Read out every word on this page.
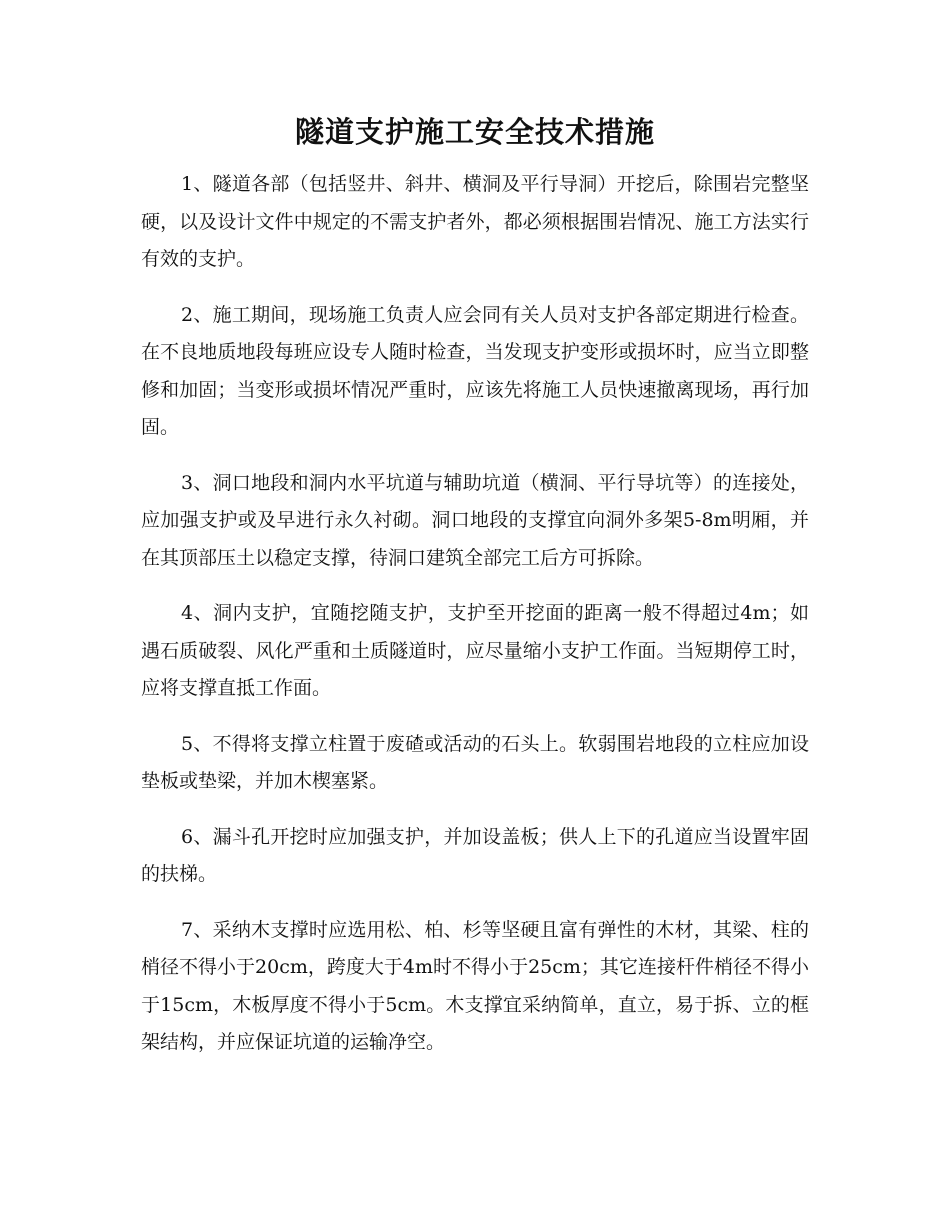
隧道支护施工安全技术措施

1、隧道各部（包括竖井、斜井、横洞及平行导洞）开挖后，除围岩完整坚硬，以及设计文件中规定的不需支护者外，都必须根据围岩情况、施工方法实行有效的支护。

2、施工期间，现场施工负责人应会同有关人员对支护各部定期进行检查。在不良地质地段每班应设专人随时检查，当发现支护变形或损坏时，应当立即整修和加固；当变形或损坏情况严重时，应该先将施工人员快速撤离现场，再行加固。

3、洞口地段和洞内水平坑道与辅助坑道（横洞、平行导坑等）的连接处，应加强支护或及早进行永久衬砌。洞口地段的支撑宜向洞外多架5-8m明厢，并在其顶部压土以稳定支撑，待洞口建筑全部完工后方可拆除。

4、洞内支护，宜随挖随支护，支护至开挖面的距离一般不得超过4m；如遇石质破裂、风化严重和土质隧道时，应尽量缩小支护工作面。当短期停工时，应将支撑直抵工作面。

5、不得将支撑立柱置于废碴或活动的石头上。软弱围岩地段的立柱应加设垫板或垫梁，并加木楔塞紧。

6、漏斗孔开挖时应加强支护，并加设盖板；供人上下的孔道应当设置牢固的扶梯。

7、采纳木支撑时应选用松、柏、杉等坚硬且富有弹性的木材，其梁、柱的梢径不得小于20cm，跨度大于4m时不得小于25cm；其它连接杆件梢径不得小于15cm，木板厚度不得小于5cm。木支撑宜采纳简单，直立，易于拆、立的框架结构，并应保证坑道的运输净空。
